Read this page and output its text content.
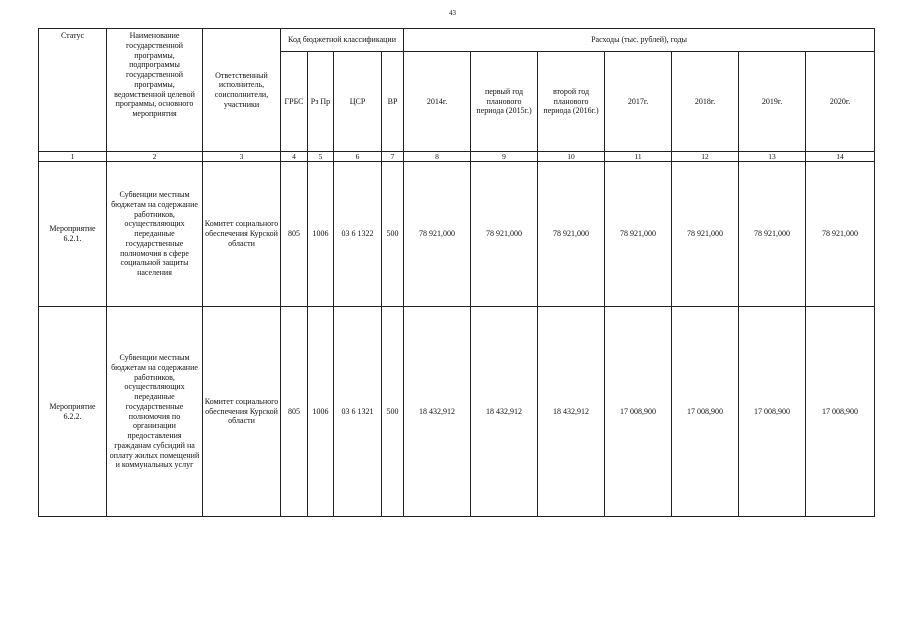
43
Статус	Наименование государственной программы, подпрограммы государственной программы, ведомственной целевой программы, основного мероприятия	Ответственный исполнитель, соисполнители, участники	Код бюджетной классификации				Расходы (тыс. рублей), годы						
			ГРБС	Рз Пр	ЦСР	ВР	2014г.	первый год планового периода (2015г.)	второй год планового периода (2016г.)	2017г.	2018г.	2019г.	2020г.
1	2	3	4	5	6	7	8	9	10	11	12	13	14
Мероприятие 6.2.1.	Субвенции местным бюджетам на содержание работников, осуществляющих переданные государственные полномочия в сфере социальной защиты населения	Комитет социального обеспечения Курской области	805	1006	03 6 1322	500	78 921,000	78 921,000	78 921,000	78 921,000	78 921,000	78 921,000	78 921,000
Мероприятие 6.2.2.	Субвенции местным бюджетам на содержание работников, осуществляющих переданные государственные полномочия по организации предоставления гражданам субсидий на оплату жилых помещений и коммунальных услуг	Комитет социального обеспечения Курской области	805	1006	03 6 1321	500	18 432,912	18 432,912	18 432,912	17 008,900	17 008,900	17 008,900	17 008,900
